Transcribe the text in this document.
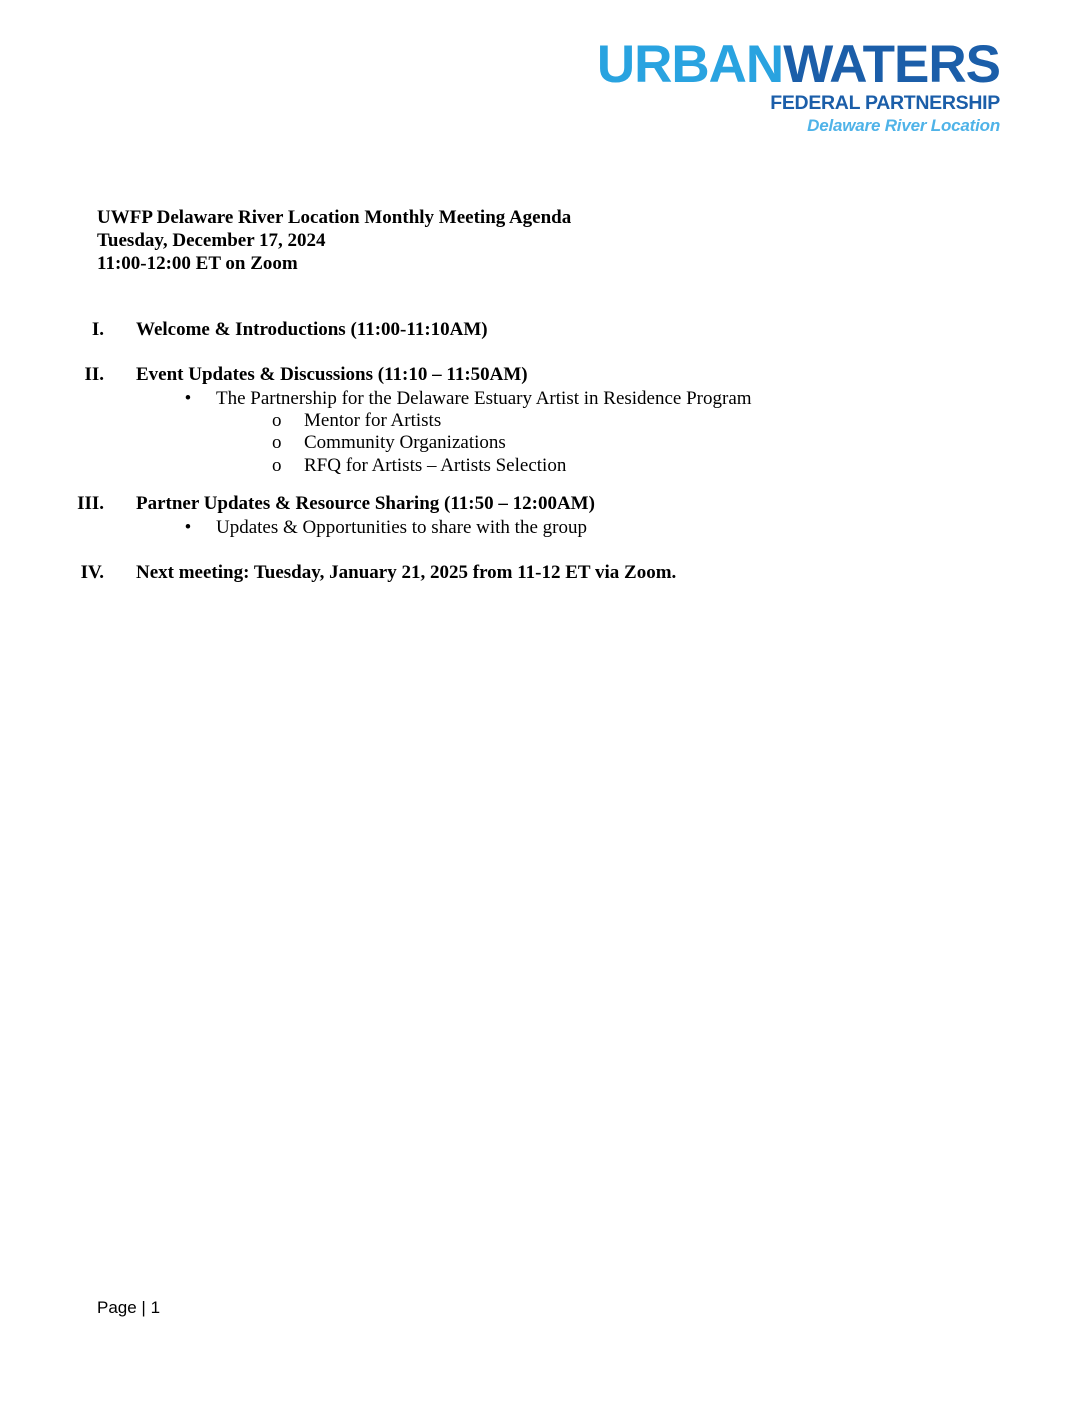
URBANWATERS
FEDERAL PARTNERSHIP
Delaware River Location
UWFP Delaware River Location Monthly Meeting Agenda
Tuesday, December 17, 2024
11:00-12:00 ET on Zoom
I. Welcome & Introductions (11:00-11:10AM)
II. Event Updates & Discussions (11:10 – 11:50AM)
• The Partnership for the Delaware Estuary Artist in Residence Program
o Mentor for Artists
o Community Organizations
o RFQ for Artists – Artists Selection
III. Partner Updates & Resource Sharing (11:50 – 12:00AM)
• Updates & Opportunities to share with the group
IV. Next meeting: Tuesday, January 21, 2025 from 11-12 ET via Zoom.
Page | 1
